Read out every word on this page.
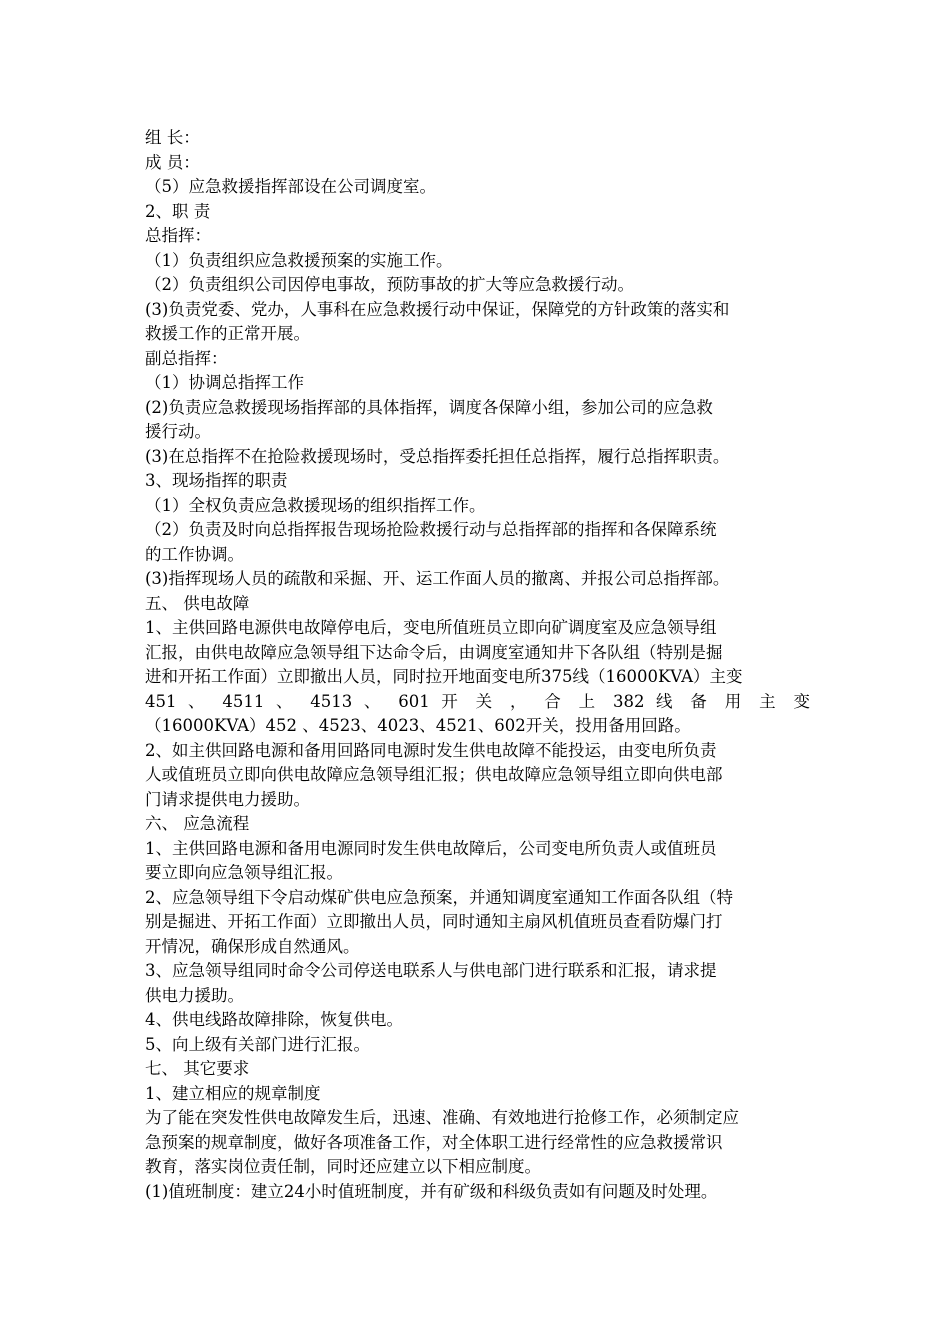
组 长：
成 员：
（5）应急救援指挥部设在公司调度室。
2、职 责
总指挥：
（1）负责组织应急救援预案的实施工作。
（2）负责组织公司因停电事故，预防事故的扩大等应急救援行动。
(3)负责党委、党办，人事科在应急救援行动中保证，保障党的方针政策的落实和
救援工作的正常开展。
副总指挥：
（1）协调总指挥工作
(2)负责应急救援现场指挥部的具体指挥，调度各保障小组，参加公司的应急救
援行动。
(3)在总指挥不在抢险救援现场时，受总指挥委托担任总指挥，履行总指挥职责。
3、现场指挥的职责
（1）全权负责应急救援现场的组织指挥工作。
（2）负责及时向总指挥报告现场抢险救援行动与总指挥部的指挥和各保障系统
的工作协调。
(3)指挥现场人员的疏散和采掘、开、运工作面人员的撤离、并报公司总指挥部。
五、 供电故障
1、主供回路电源供电故障停电后，变电所值班员立即向矿调度室及应急领导组
汇报，由供电故障应急领导组下达命令后，由调度室通知井下各队组（特别是掘
进和开拓工作面）立即撤出人员，同时拉开地面变电所375线（16000KVA）主变
451 、 4511 、 4513 、 601 开 关 ， 合 上 382 线 备 用 主 变
（16000KVA）452 、4523、4023、4521、602开关，投用备用回路。
2、如主供回路电源和备用回路同电源时发生供电故障不能投运，由变电所负责
人或值班员立即向供电故障应急领导组汇报；供电故障应急领导组立即向供电部
门请求提供电力援助。
六、 应急流程
1、主供回路电源和备用电源同时发生供电故障后，公司变电所负责人或值班员
要立即向应急领导组汇报。
2、应急领导组下令启动煤矿供电应急预案，并通知调度室通知工作面各队组（特
别是掘进、开拓工作面）立即撤出人员，同时通知主扇风机值班员查看防爆门打
开情况，确保形成自然通风。
3、应急领导组同时命令公司停送电联系人与供电部门进行联系和汇报，请求提
供电力援助。
4、供电线路故障排除，恢复供电。
5、向上级有关部门进行汇报。
七、 其它要求
1、建立相应的规章制度
为了能在突发性供电故障发生后，迅速、准确、有效地进行抢修工作，必须制定应
急预案的规章制度，做好各项准备工作，对全体职工进行经常性的应急救援常识
教育，落实岗位责任制，同时还应建立以下相应制度。
(1)值班制度：建立24小时值班制度，并有矿级和科级负责如有问题及时处理。
